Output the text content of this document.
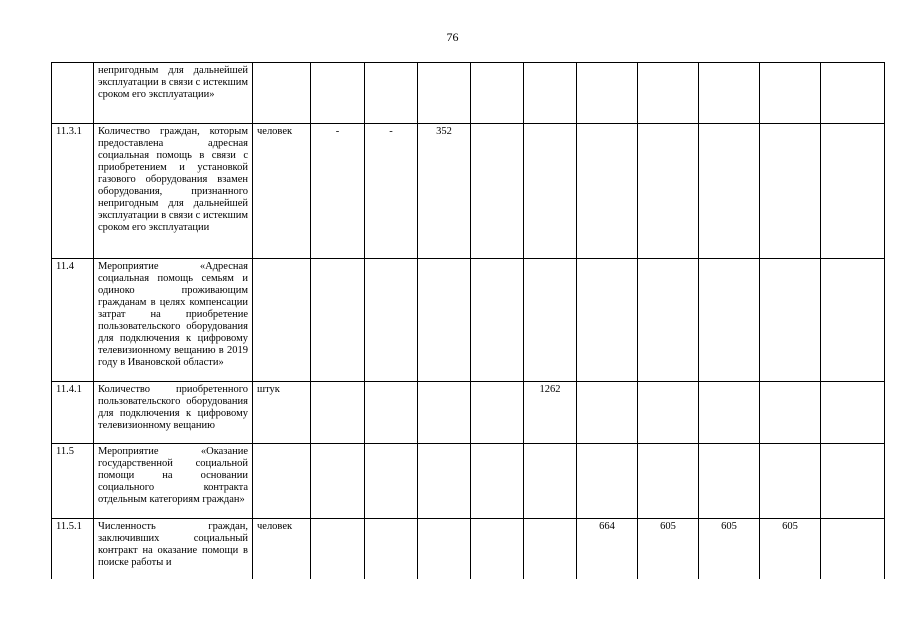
76
	непригодным для дальнейшей эксплуатации в связи с истекшим сроком его эксплуатации»												
11.3.1	Количество граждан, которым предоставлена адресная социальная помощь в связи с приобретением и установкой газового оборудования взамен оборудования, признанного непригодным для дальнейшей эксплуатации в связи с истекшим сроком его эксплуатации	человек	-	-	352								
11.4	Мероприятие «Адресная социальная помощь семьям и одиноко проживающим гражданам в целях компенсации затрат на приобретение пользовательского оборудования для подключения к цифровому телевизионному вещанию в 2019 году в Ивановской области»												
11.4.1	Количество приобретенного пользовательского оборудования для подключения к цифровому телевизионному вещанию	штук					1262						
11.5	Мероприятие «Оказание государственной социальной помощи на основании социального контракта отдельным категориям граждан»												
11.5.1	Численность граждан, заключивших социальный контракт на оказание помощи в поиске работы и	человек						664	605	605	605		
